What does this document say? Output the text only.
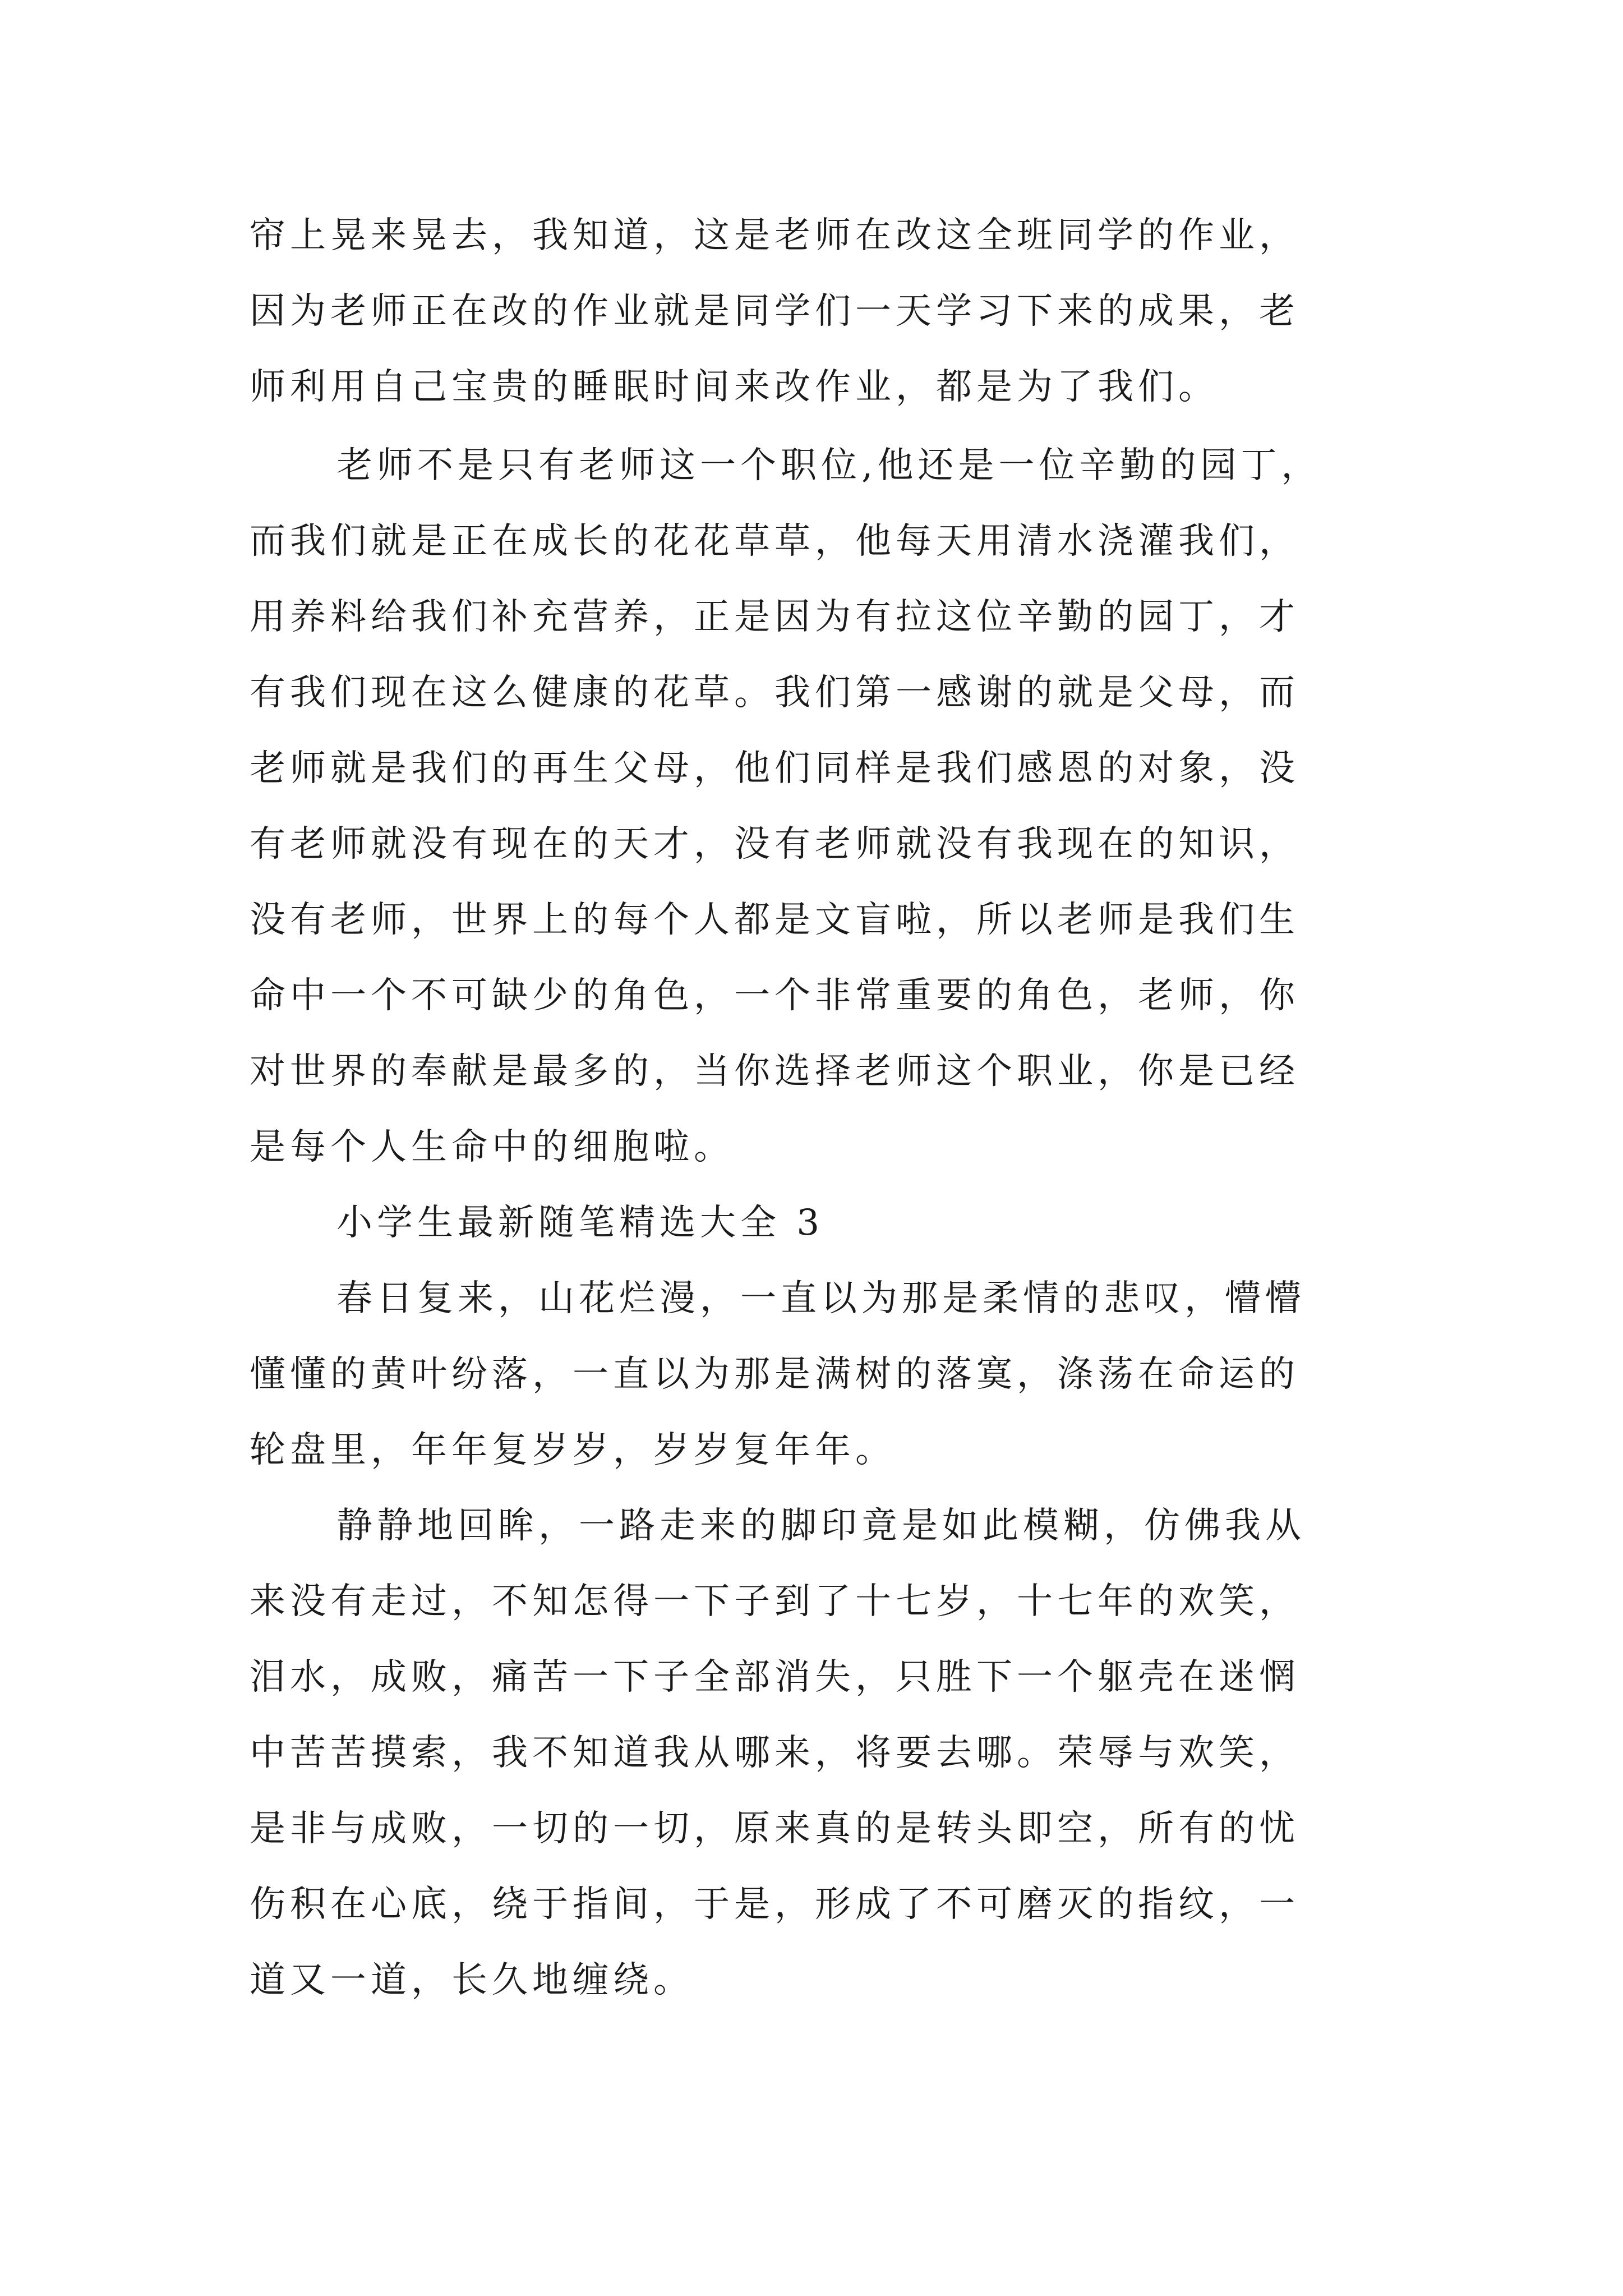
帘上晃来晃去，我知道，这是老师在改这全班同学的作业，
因为老师正在改的作业就是同学们一天学习下来的成果，老
师利用自己宝贵的睡眠时间来改作业，都是为了我们。
老师不是只有老师这一个职位,他还是一位辛勤的园丁，
而我们就是正在成长的花花草草，他每天用清水浇灌我们，
用养料给我们补充营养，正是因为有拉这位辛勤的园丁，才
有我们现在这么健康的花草。我们第一感谢的就是父母，而
老师就是我们的再生父母，他们同样是我们感恩的对象，没
有老师就没有现在的天才，没有老师就没有我现在的知识，
没有老师，世界上的每个人都是文盲啦，所以老师是我们生
命中一个不可缺少的角色，一个非常重要的角色，老师，你
对世界的奉献是最多的，当你选择老师这个职业，你是已经
是每个人生命中的细胞啦。
小学生最新随笔精选大全 3
春日复来，山花烂漫，一直以为那是柔情的悲叹，懵懵
懂懂的黄叶纷落，一直以为那是满树的落寞，涤荡在命运的
轮盘里，年年复岁岁，岁岁复年年。
静静地回眸，一路走来的脚印竟是如此模糊，仿佛我从
来没有走过，不知怎得一下子到了十七岁，十七年的欢笑，
泪水，成败，痛苦一下子全部消失，只胜下一个躯壳在迷惘
中苦苦摸索，我不知道我从哪来，将要去哪。荣辱与欢笑，
是非与成败，一切的一切，原来真的是转头即空，所有的忧
伤积在心底，绕于指间，于是，形成了不可磨灭的指纹，一
道又一道，长久地缠绕。
